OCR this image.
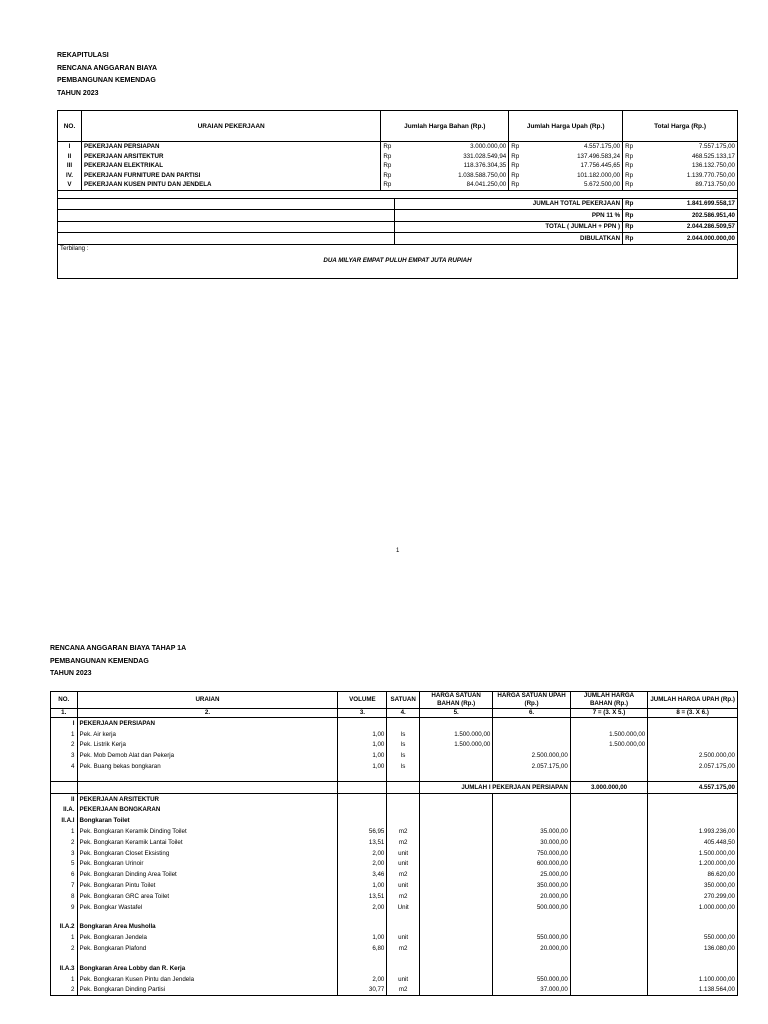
REKAPITULASI
RENCANA ANGGARAN BIAYA
PEMBANGUNAN KEMENDAG
TAHUN 2023
NO.	URAIAN PEKERJAAN	Jumlah Harga Bahan (Rp.)		Jumlah Harga Upah (Rp.)		Total Harga (Rp.)	
I	PEKERJAAN PERSIAPAN	Rp	3.000.000,00	Rp	4.557.175,00	Rp	7.557.175,00
II	PEKERJAAN ARSITEKTUR	Rp	331.028.549,94	Rp	137.496.583,24	Rp	468.525.133,17
III	PEKERJAAN ELEKTRIKAL	Rp	118.376.304,35	Rp	17.756.445,65	Rp	136.132.750,00
IV.	PEKERJAAN FURNITURE DAN PARTISI	Rp	1.038.588.750,00	Rp	101.182.000,00	Rp	1.139.770.750,00
V	PEKERJAAN KUSEN PINTU DAN JENDELA	Rp	84.041.250,00	Rp	5.672.500,00	Rp	89.713.750,00

			JUMLAH TOTAL PEKERJAAN			Rp	1.841.699.558,17
			PPN 11 %			Rp	202.586.951,40
			TOTAL ( JUMLAH + PPN )			Rp	2.044.286.509,57
			DIBULATKAN			Rp	2.044.000.000,00

Terbilang :
DUA MILYAR EMPAT PULUH EMPAT JUTA RUPIAH							
1
RENCANA ANGGARAN BIAYA TAHAP 1A
PEMBANGUNAN KEMENDAG
TAHUN 2023
NO.	URAIAN	VOLUME	SATUAN	HARGA SATUAN BAHAN (Rp.)	HARGA SATUAN UPAH (Rp.)	JUMLAH HARGA BAHAN (Rp.)	JUMLAH HARGA UPAH (Rp.)
1.	2.	3.	4.	5.	6.	7 = (3. X 5.)	8 = (3. X 6.)
I	PEKERJAAN PERSIAPAN						
1	Pek. Air kerja	1,00	ls	1.500.000,00		1.500.000,00	
2	Pek. Listrik Kerja	1,00	ls	1.500.000,00		1.500.000,00	
3	Pek. Mob Demob Alat dan Pekerja	1,00	ls		2.500.000,00		2.500.000,00
4	Pek. Buang bekas bongkaran	1,00	ls		2.057.175,00		2.057.175,00

				JUMLAH I PEKERJAAN PERSIAPAN		3.000.000,00	4.557.175,00
II	PEKERJAAN ARSITEKTUR						
II.A.	PEKERJAAN BONGKARAN						
II.A.I	Bongkaran Toilet						
1	Pek. Bongkaran Keramik Dinding Toilet	56,95	m2		35.000,00		1.993.236,00
2	Pek. Bongkaran Keramik Lantai Toilet	13,51	m2		30.000,00		405.448,50
3	Pek. Bongkaran Closet Eksisting	2,00	unit		750.000,00		1.500.000,00
5	Pek. Bongkaran Urinoir	2,00	unit		600.000,00		1.200.000,00
6	Pek. Bongkaran Dinding Area Toilet	3,46	m2		25.000,00		86.620,00
7	Pek. Bongkaran Pintu Toilet	1,00	unit		350.000,00		350.000,00
8	Pek. Bongkaran GRC area Toilet	13,51	m2		20.000,00		270.299,00
9	Pek. Bongkar Wastafel	2,00	Unit		500.000,00		1.000.000,00

II.A.2	Bongkaran Area Musholla						
1	Pek. Bongkaran Jendela	1,00	unit		550.000,00		550.000,00
2	Pek. Bongkaran Plafond	6,80	m2		20.000,00		136.080,00

II.A.3	Bongkaran Area Lobby dan R. Kerja						
1	Pek. Bongkaran Kusen Pintu dan Jendela	2,00	unit		550.000,00		1.100.000,00
2	Pek. Bongkaran Dinding Partisi	30,77	m2		37.000,00		1.138.564,00
